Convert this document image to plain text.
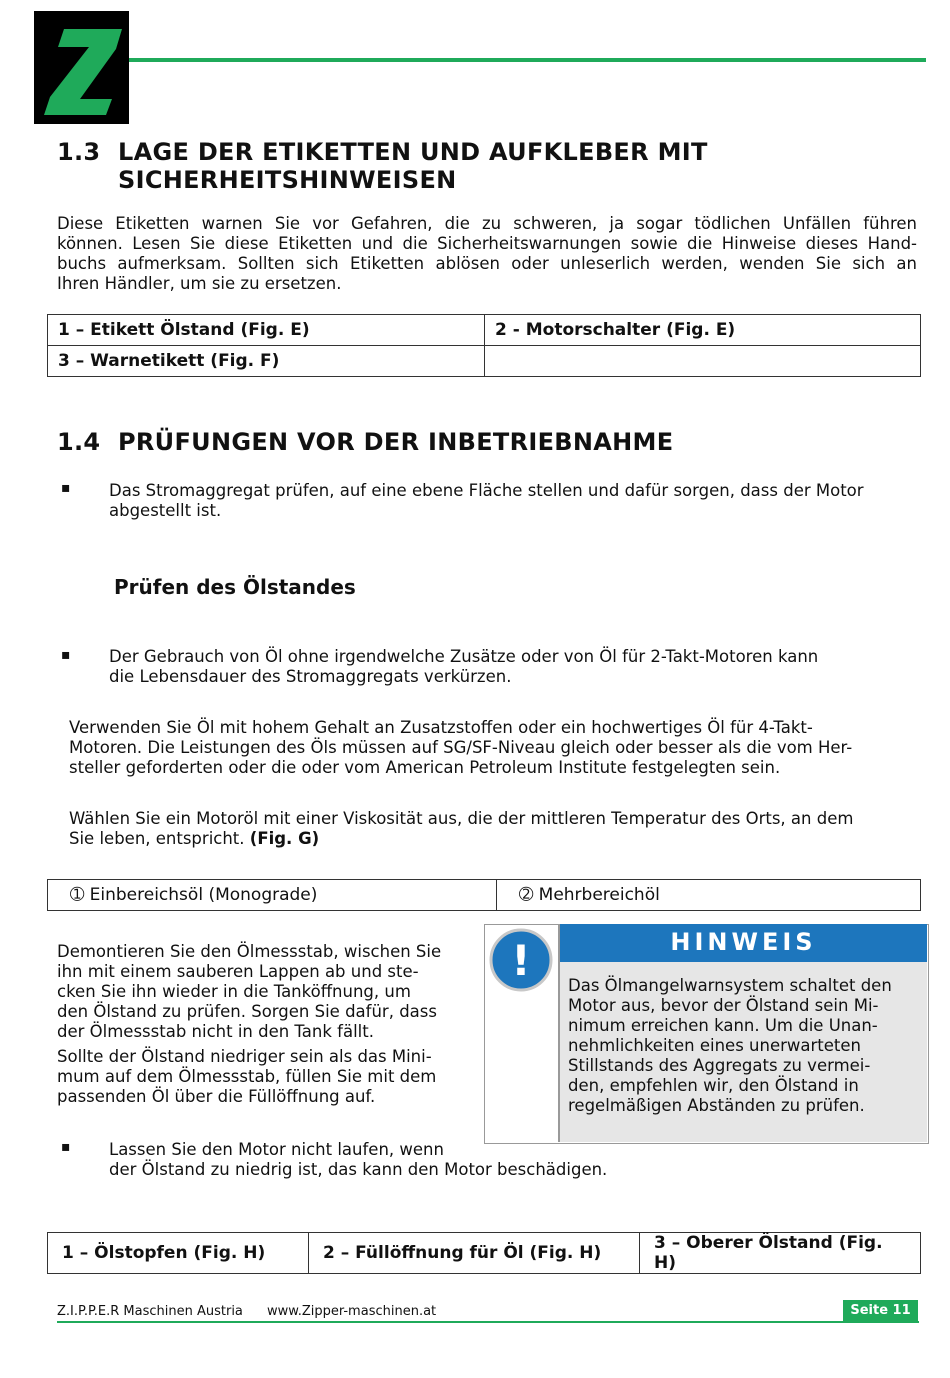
1.3 LAGE DER ETIKETTEN UND AUFKLEBER MIT
SICHERHEITSHINWEISEN
Diese Etiketten warnen Sie vor Gefahren, die zu schweren, ja sogar tödlichen Unfällen führen
können. Lesen Sie diese Etiketten und die Sicherheitswarnungen sowie die Hinweise dieses Hand-
buchs aufmerksam. Sollten sich Etiketten ablösen oder unleserlich werden, wenden Sie sich an
Ihren Händler, um sie zu ersetzen.
1 – Etikett Ölstand (Fig. E)	2 - Motorschalter (Fig. E)
3 – Warnetikett (Fig. F)	
1.4 PRÜFUNGEN VOR DER INBETRIEBNAHME
▪ Das Stromaggregat prüfen, auf eine ebene Fläche stellen und dafür sorgen, dass der Motor
abgestellt ist.
Prüfen des Ölstandes
▪ Der Gebrauch von Öl ohne irgendwelche Zusätze oder von Öl für 2-Takt-Motoren kann
die Lebensdauer des Stromaggregats verkürzen.
Verwenden Sie Öl mit hohem Gehalt an Zusatzstoffen oder ein hochwertiges Öl für 4-Takt-
Motoren. Die Leistungen des Öls müssen auf SG/SF-Niveau gleich oder besser als die vom Her-
steller geforderten oder die oder vom American Petroleum Institute festgelegten sein.
Wählen Sie ein Motoröl mit einer Viskosität aus, die der mittleren Temperatur des Orts, an dem
Sie leben, entspricht. (Fig. G)
➀ Einbereichsöl (Monograde)	➁ Mehrbereichöl
Demontieren Sie den Ölmessstab, wischen Sie
ihn mit einem sauberen Lappen ab und ste-
cken Sie ihn wieder in die Tanköffnung, um
den Ölstand zu prüfen. Sorgen Sie dafür, dass
der Ölmessstab nicht in den Tank fällt.
Sollte der Ölstand niedriger sein als das Mini-
mum auf dem Ölmessstab, füllen Sie mit dem
passenden Öl über die Füllöffnung auf.
HINWEIS
!
Das Ölmangelwarnsystem schaltet den
Motor aus, bevor der Ölstand sein Mi-
nimum erreichen kann. Um die Unan-
nehmlichkeiten eines unerwarteten
Stillstands des Aggregats zu vermei-
den, empfehlen wir, den Ölstand in
regelmäßigen Abständen zu prüfen.
▪ Lassen Sie den Motor nicht laufen, wenn
der Ölstand zu niedrig ist, das kann den Motor beschädigen.
1 – Ölstopfen (Fig. H)	2 – Füllöffnung für Öl (Fig. H)	3 – Oberer Ölstand (Fig. H)
Z.I.P.P.E.R Maschinen Austria www.Zipper-maschinen.at	Seite 11
